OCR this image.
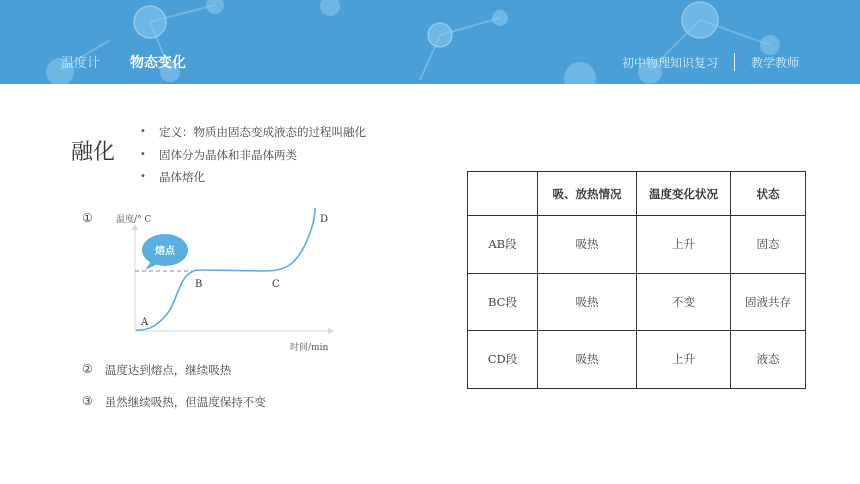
温度计 物态变化	初中物理知识复习	教学教师
融化
• 定义：物质由固态变成液态的过程叫融化
• 固体分为晶体和非晶体两类
• 晶体熔化
①
熔点
温度/° C
时间/min
A
B	C
D
② 温度达到熔点，继续吸热
③ 虽然继续吸热，但温度保持不变
	吸、放热情况	温度变化状况	状态
AB段	吸热	上升	固态
BC段	吸热	不变	固液共存
CD段	吸热	上升	液态
